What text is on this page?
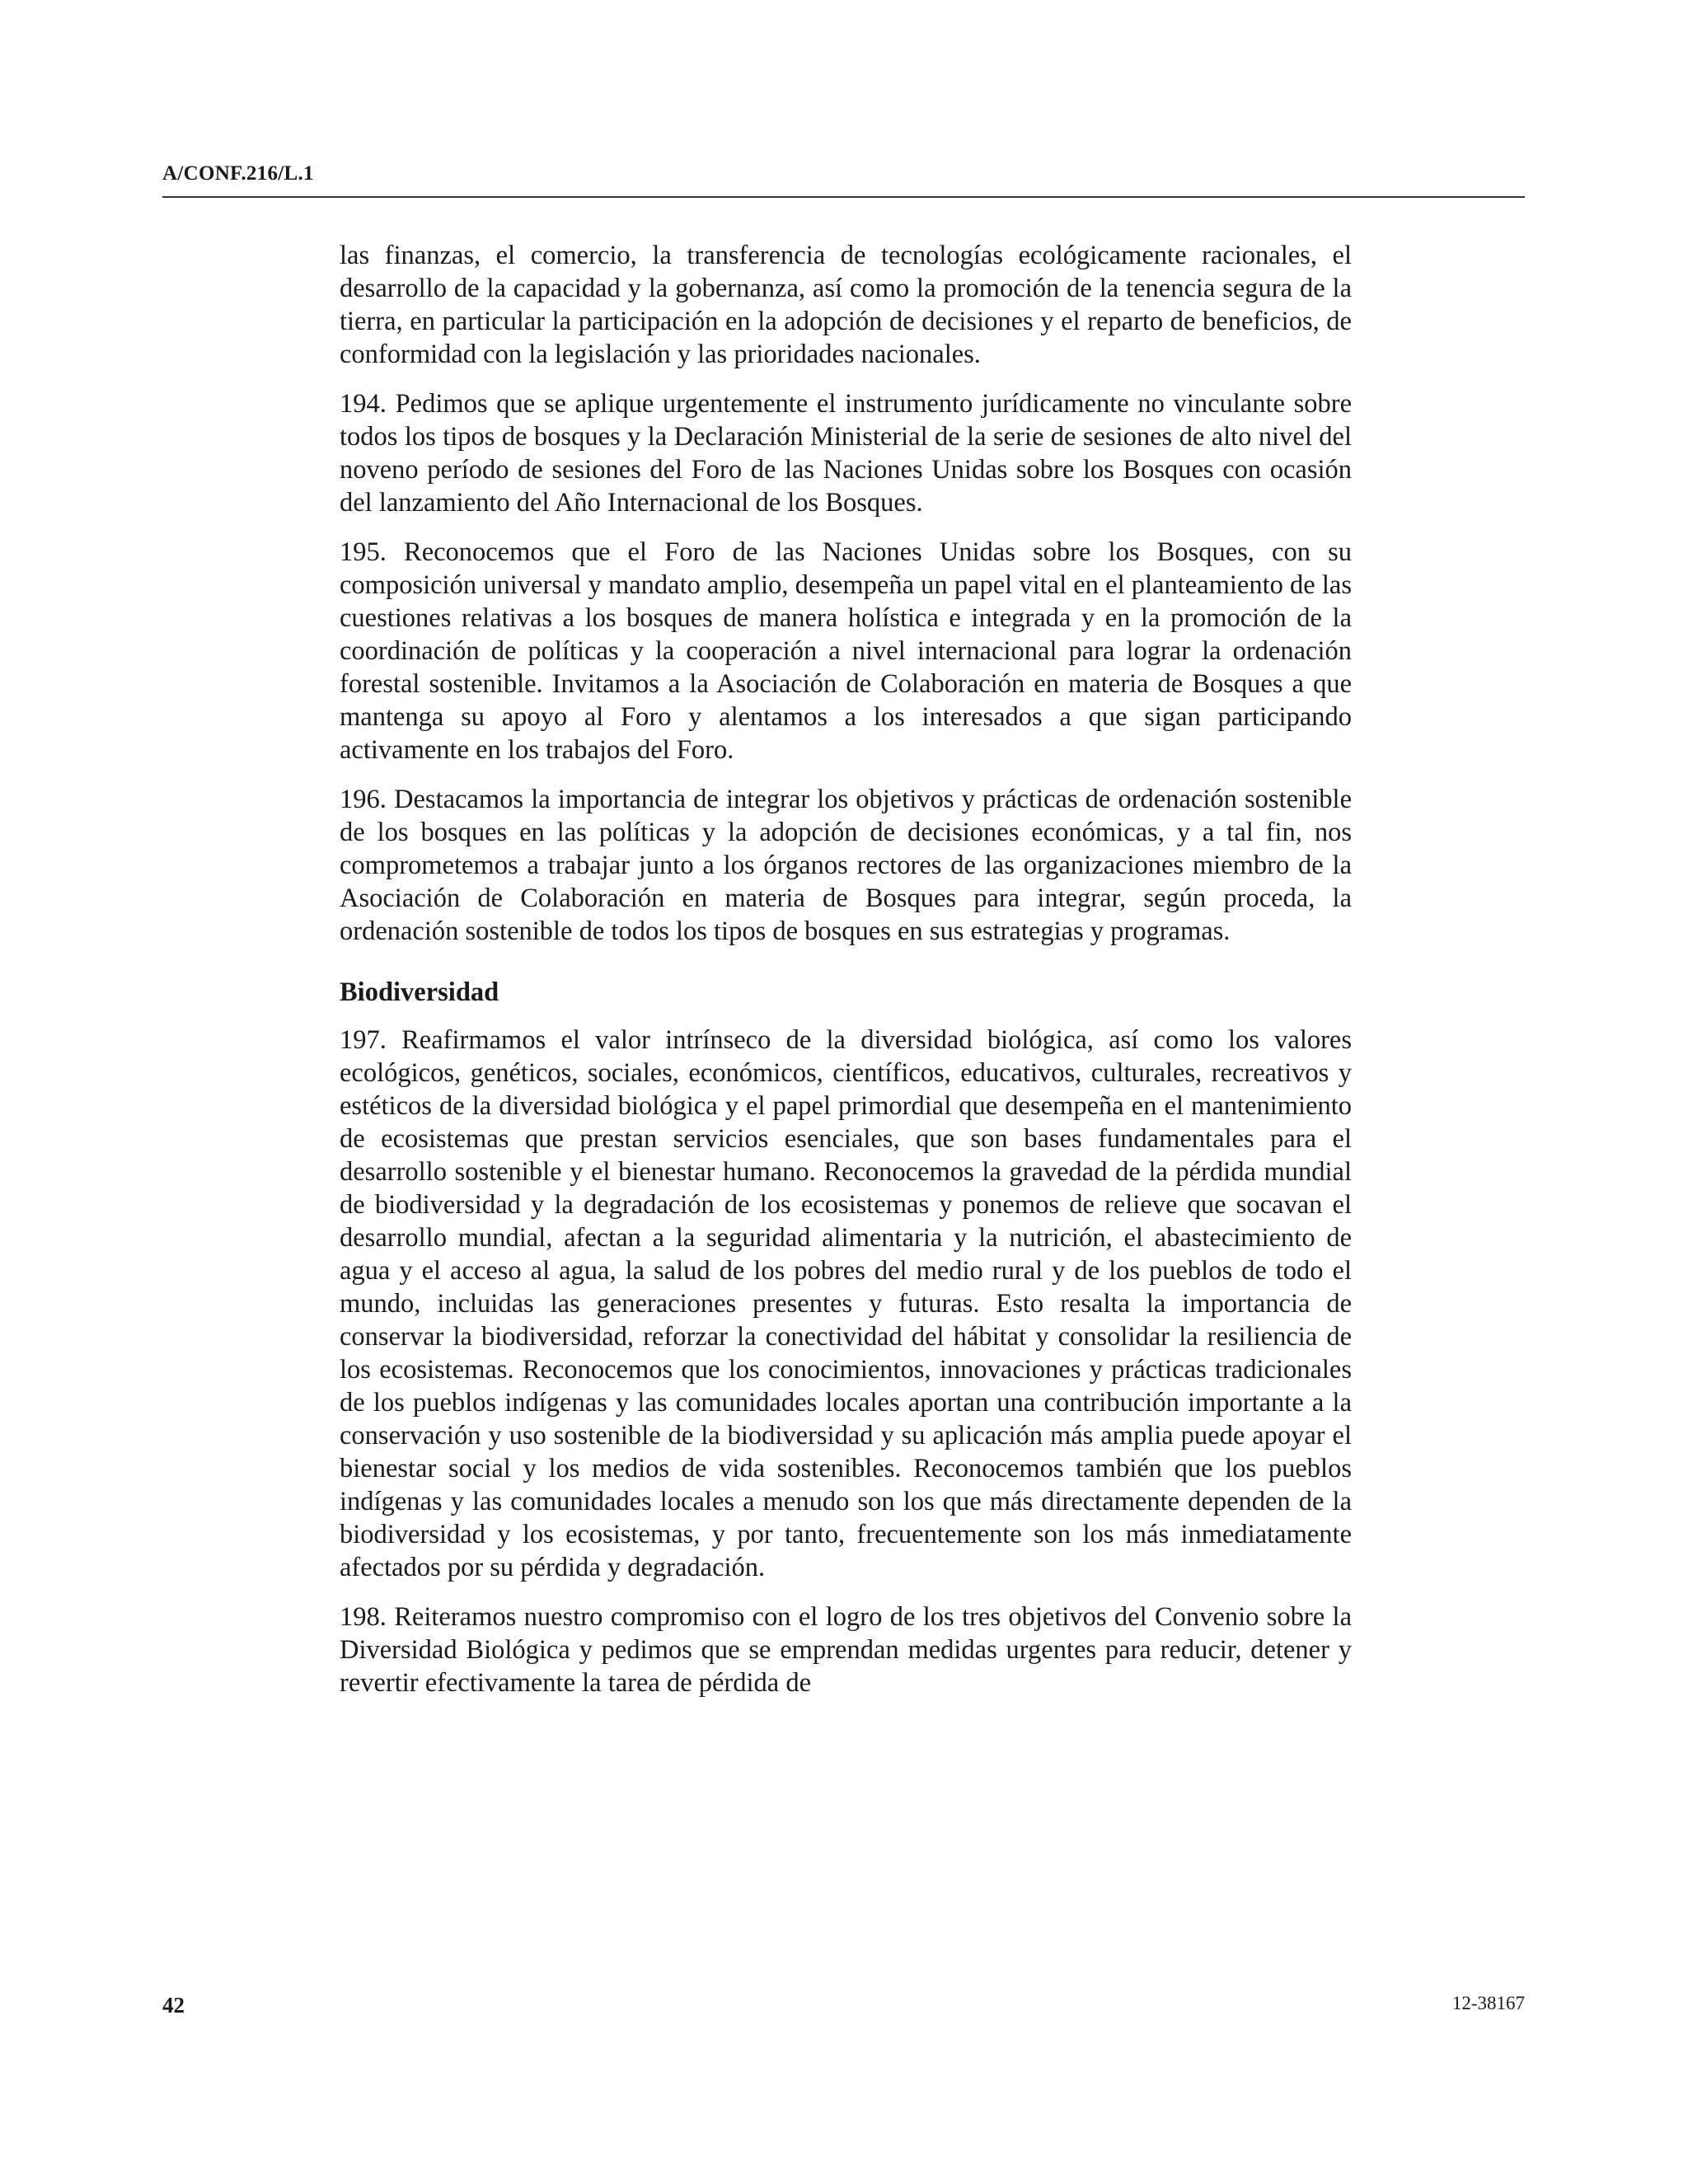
A/CONF.216/L.1

las finanzas, el comercio, la transferencia de tecnologías ecológicamente racionales, el desarrollo de la capacidad y la gobernanza, así como la promoción de la tenencia segura de la tierra, en particular la participación en la adopción de decisiones y el reparto de beneficios, de conformidad con la legislación y las prioridades nacionales.

194. Pedimos que se aplique urgentemente el instrumento jurídicamente no vinculante sobre todos los tipos de bosques y la Declaración Ministerial de la serie de sesiones de alto nivel del noveno período de sesiones del Foro de las Naciones Unidas sobre los Bosques con ocasión del lanzamiento del Año Internacional de los Bosques.

195. Reconocemos que el Foro de las Naciones Unidas sobre los Bosques, con su composición universal y mandato amplio, desempeña un papel vital en el planteamiento de las cuestiones relativas a los bosques de manera holística e integrada y en la promoción de la coordinación de políticas y la cooperación a nivel internacional para lograr la ordenación forestal sostenible. Invitamos a la Asociación de Colaboración en materia de Bosques a que mantenga su apoyo al Foro y alentamos a los interesados a que sigan participando activamente en los trabajos del Foro.

196. Destacamos la importancia de integrar los objetivos y prácticas de ordenación sostenible de los bosques en las políticas y la adopción de decisiones económicas, y a tal fin, nos comprometemos a trabajar junto a los órganos rectores de las organizaciones miembro de la Asociación de Colaboración en materia de Bosques para integrar, según proceda, la ordenación sostenible de todos los tipos de bosques en sus estrategias y programas.

Biodiversidad

197. Reafirmamos el valor intrínseco de la diversidad biológica, así como los valores ecológicos, genéticos, sociales, económicos, científicos, educativos, culturales, recreativos y estéticos de la diversidad biológica y el papel primordial que desempeña en el mantenimiento de ecosistemas que prestan servicios esenciales, que son bases fundamentales para el desarrollo sostenible y el bienestar humano. Reconocemos la gravedad de la pérdida mundial de biodiversidad y la degradación de los ecosistemas y ponemos de relieve que socavan el desarrollo mundial, afectan a la seguridad alimentaria y la nutrición, el abastecimiento de agua y el acceso al agua, la salud de los pobres del medio rural y de los pueblos de todo el mundo, incluidas las generaciones presentes y futuras. Esto resalta la importancia de conservar la biodiversidad, reforzar la conectividad del hábitat y consolidar la resiliencia de los ecosistemas. Reconocemos que los conocimientos, innovaciones y prácticas tradicionales de los pueblos indígenas y las comunidades locales aportan una contribución importante a la conservación y uso sostenible de la biodiversidad y su aplicación más amplia puede apoyar el bienestar social y los medios de vida sostenibles. Reconocemos también que los pueblos indígenas y las comunidades locales a menudo son los que más directamente dependen de la biodiversidad y los ecosistemas, y por tanto, frecuentemente son los más inmediatamente afectados por su pérdida y degradación.

198. Reiteramos nuestro compromiso con el logro de los tres objetivos del Convenio sobre la Diversidad Biológica y pedimos que se emprendan medidas urgentes para reducir, detener y revertir efectivamente la tarea de pérdida de

42	12-38167
